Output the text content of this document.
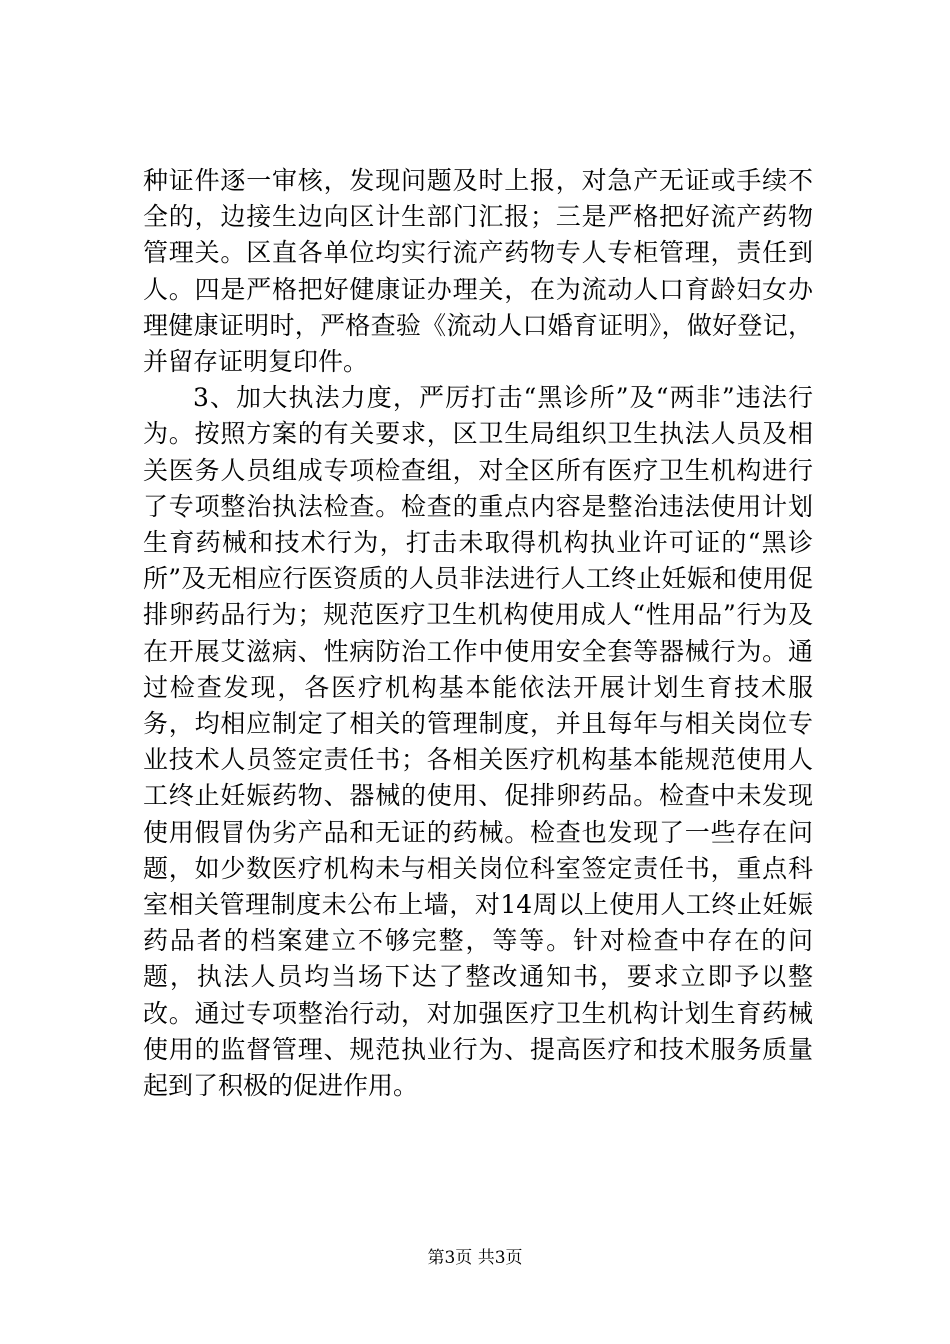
种证件逐一审核，发现问题及时上报，对急产无证或手续不全的，边接生边向区计生部门汇报；三是严格把好流产药物管理关。区直各单位均实行流产药物专人专柜管理，责任到人。四是严格把好健康证办理关，在为流动人口育龄妇女办理健康证明时，严格查验《流动人口婚育证明》，做好登记，并留存证明复印件。

3、加大执法力度，严厉打击“黑诊所”及“两非”违法行为。按照方案的有关要求，区卫生局组织卫生执法人员及相关医务人员组成专项检查组，对全区所有医疗卫生机构进行了专项整治执法检查。检查的重点内容是整治违法使用计划生育药械和技术行为，打击未取得机构执业许可证的“黑诊所”及无相应行医资质的人员非法进行人工终止妊娠和使用促排卵药品行为；规范医疗卫生机构使用成人“性用品”行为及在开展艾滋病、性病防治工作中使用安全套等器械行为。通过检查发现，各医疗机构基本能依法开展计划生育技术服务，均相应制定了相关的管理制度，并且每年与相关岗位专业技术人员签定责任书；各相关医疗机构基本能规范使用人工终止妊娠药物、器械的使用、促排卵药品。检查中未发现使用假冒伪劣产品和无证的药械。检查也发现了一些存在问题，如少数医疗机构未与相关岗位科室签定责任书，重点科室相关管理制度未公布上墙，对14周以上使用人工终止妊娠药品者的档案建立不够完整，等等。针对检查中存在的问题，执法人员均当场下达了整改通知书，要求立即予以整改。通过专项整治行动，对加强医疗卫生机构计划生育药械使用的监督管理、规范执业行为、提高医疗和技术服务质量起到了积极的促进作用。

第3页 共3页
